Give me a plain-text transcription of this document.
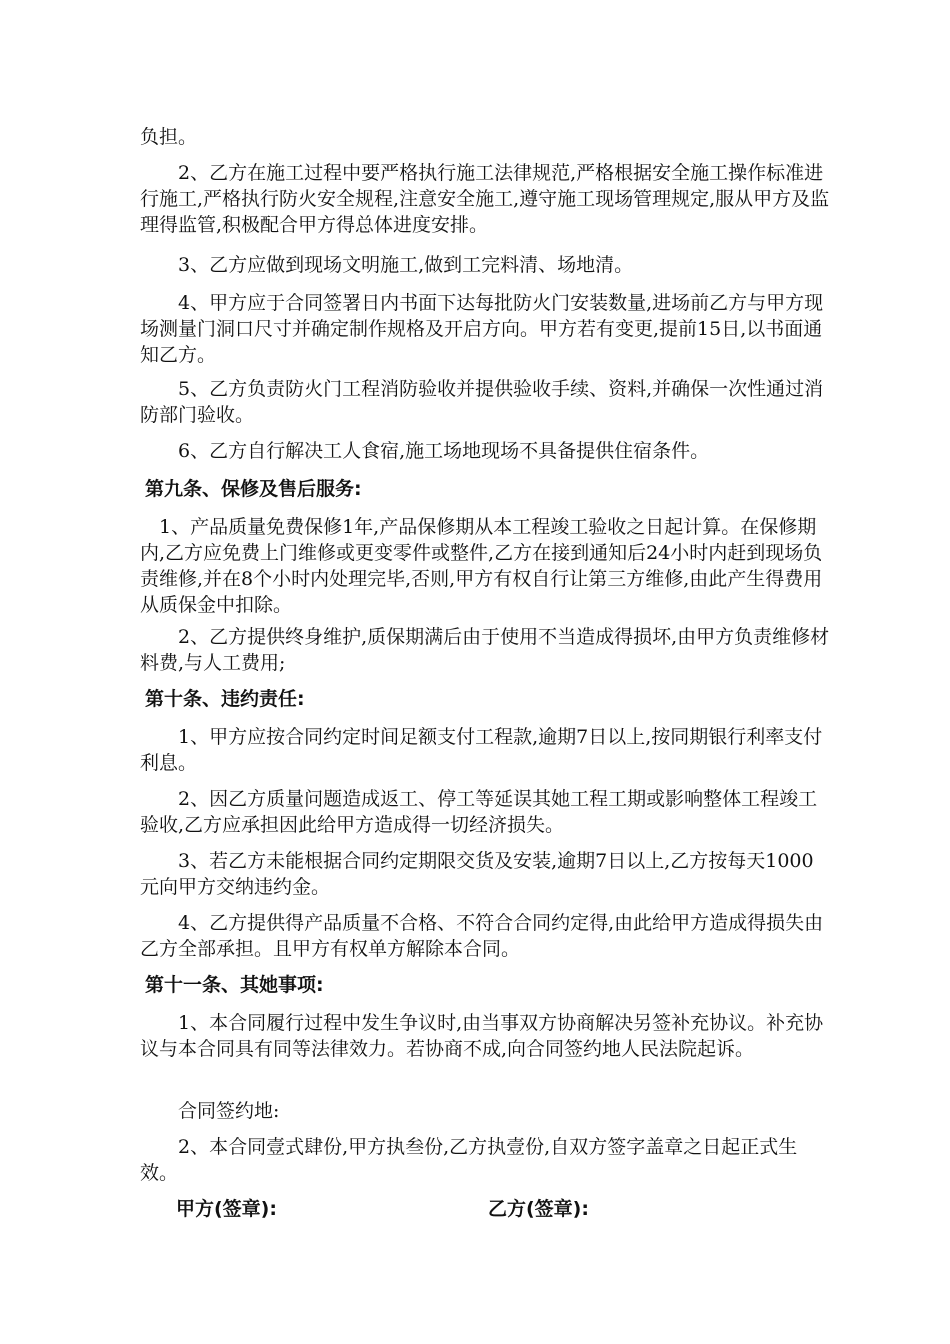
负担。

　　2、乙方在施工过程中要严格执行施工法律规范,严格根据安全施工操作标准进行施工,严格执行防火安全规程,注意安全施工,遵守施工现场管理规定,服从甲方及监理得监管,积极配合甲方得总体进度安排。

　　3、乙方应做到现场文明施工,做到工完料清、场地清。

　　4、甲方应于合同签署日内书面下达每批防火门安装数量,进场前乙方与甲方现场测量门洞口尺寸并确定制作规格及开启方向。甲方若有变更,提前15日,以书面通知乙方。

　　5、乙方负责防火门工程消防验收并提供验收手续、资料,并确保一次性通过消防部门验收。

　　6、乙方自行解决工人食宿,施工场地现场不具备提供住宿条件。

第九条、保修及售后服务:

　1、产品质量免费保修1年,产品保修期从本工程竣工验收之日起计算。在保修期内,乙方应免费上门维修或更变零件或整件,乙方在接到通知后24小时内赶到现场负责维修,并在8个小时内处理完毕,否则,甲方有权自行让第三方维修,由此产生得费用从质保金中扣除。

　　2、乙方提供终身维护,质保期满后由于使用不当造成得损坏,由甲方负责维修材料费,与人工费用;

第十条、违约责任:

　　1、甲方应按合同约定时间足额支付工程款,逾期7日以上,按同期银行利率支付利息。

　　2、因乙方质量问题造成返工、停工等延误其她工程工期或影响整体工程竣工验收,乙方应承担因此给甲方造成得一切经济损失。

　　3、若乙方未能根据合同约定期限交货及安装,逾期7日以上,乙方按每天1000元向甲方交纳违约金。

　　4、乙方提供得产品质量不合格、不符合合同约定得,由此给甲方造成得损失由乙方全部承担。且甲方有权单方解除本合同。

第十一条、其她事项:

　　1、本合同履行过程中发生争议时,由当事双方协商解决另签补充协议。补充协议与本合同具有同等法律效力。若协商不成,向合同签约地人民法院起诉。

　　合同签约地:

　　2、本合同壹式肆份,甲方执叁份,乙方执壹份,自双方签字盖章之日起正式生效。

甲方(签章):	乙方(签章):
